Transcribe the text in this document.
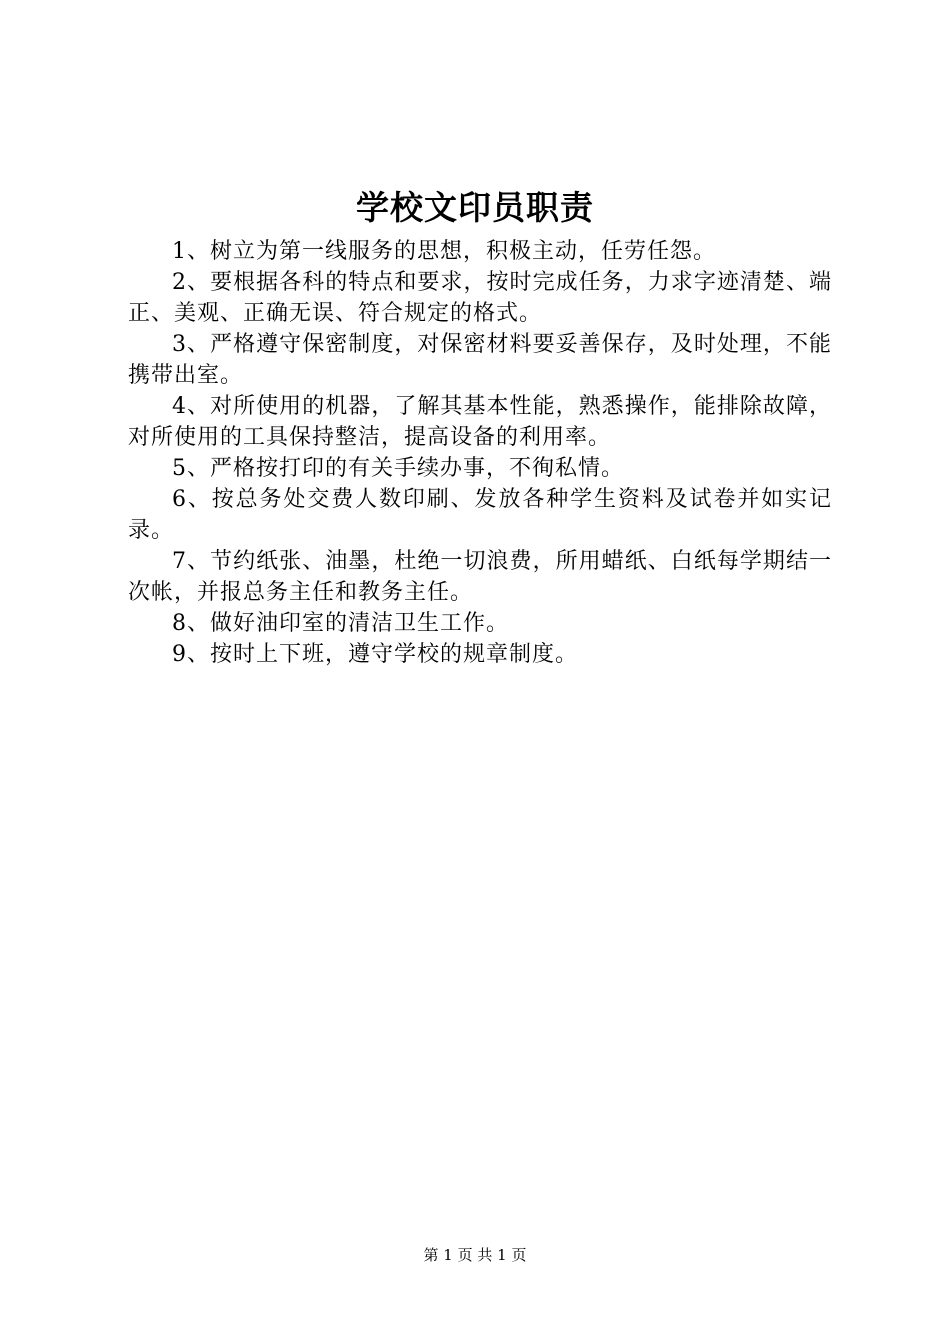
学校文印员职责

1、树立为第一线服务的思想，积极主动，任劳任怨。

2、要根据各科的特点和要求，按时完成任务，力求字迹清楚、端正、美观、正确无误、符合规定的格式。

3、严格遵守保密制度，对保密材料要妥善保存，及时处理，不能携带出室。

4、对所使用的机器，了解其基本性能，熟悉操作，能排除故障，对所使用的工具保持整洁，提高设备的利用率。

5、严格按打印的有关手续办事，不徇私情。

6、按总务处交费人数印刷、发放各种学生资料及试卷并如实记录。

7、节约纸张、油墨，杜绝一切浪费，所用蜡纸、白纸每学期结一次帐，并报总务主任和教务主任。

8、做好油印室的清洁卫生工作。

9、按时上下班，遵守学校的规章制度。

第 1 页 共 1 页
